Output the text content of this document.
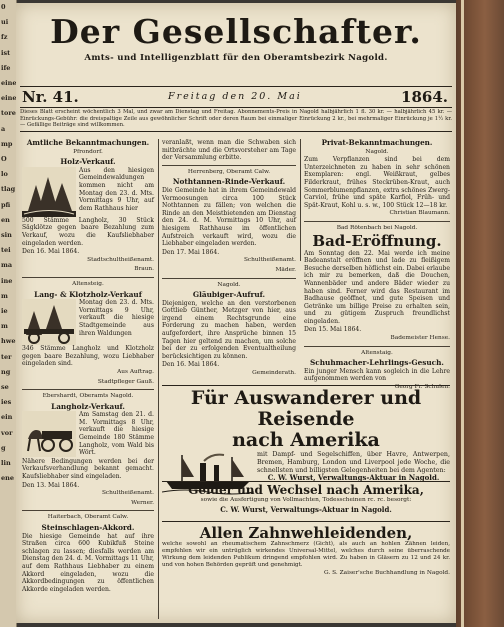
0
ui
fz
ist
ife
eine
eine
tore
a
mp
O
lo
tlag
pfi
en
sin
tei
ma
ine
m
ie
m
hwe
ter
ng
se
ies
ein
vor
g
lin
ene
Der Gesellschafter.
Amts- und Intelligenzblatt für den Oberamtsbezirk Nagold.
Nr. 41.	Freitag den 20. Mai	1864.
Dieses Blatt erscheint wöchentlich 3 Mal, und zwar am Dienstag und Freitag. Abonnements-Preis in Nagold halbjährlich 1 fl. 30 kr. — halbjährlich 45 kr. — Einrückungs-Gebühr: die dreispaltige Zeile aus gewöhnlicher Schrift oder deren Raum bei einmaliger Einrückung 2 kr., bei mehrmaliger Einrückung je 1½ kr. — Gefällige Beiträge sind willkommen.
Amtliche Bekanntmachungen.
Pfrondorf.
Holz-Verkauf.

Aus den hiesigen Gemeindewaldungen kommen nicht am Montag den 23. d. Mts. Vormittags 9 Uhr, auf dem Rathhaus hier

500 Stämme Langholz, 30 Stück Sägklötze gegen baare Bezahlung zum Verkauf, wozu die Kaufsliebhaber eingeladen werden.

Den 16. Mai 1864.

Stadtschultheißenamt.
Braun.
Altensteig.
Lang- & Klotzholz-Verkauf

Montag den 23. d. Mts. Vormittags 9 Uhr, verkauft die hiesige Stadtgemeinde aus ihren Waldungen

346 Stämme Langholz und Klotzholz gegen baare Bezahlung, wozu Liebhaber eingeladen sind.

Aus Auftrag.
Stadtpfleger Gauß.
Ebershardt, Oberamts Nagold.
Langholz-Verkauf.

Am Samstag den 21. d. M. Vormittags 8 Uhr, verkauft die hiesige Gemeinde 180 Stämme Langholz, vom Wald bis Wört.

Nähere Bedingungen werden bei der Verkaufsverhandlung bekannt gemacht. Kaufsliebhaber sind eingeladen.

Den 13. Mai 1864.

Schultheißenamt.
Werner.
Haiterbach, Oberamt Calw.
Steinschlagen-Akkord.

Die hiesige Gemeinde hat auf ihre Straßen circa 600 Kubikfuß Steine schlagen zu lassen; diesfalls werden am Dienstag den 24. d. M. Vormittags 11 Uhr, auf dem Rathhaus Liebhaber zu einem Akkord eingeladen, wozu die Akkordbedingungen zu öffentlichen Akkorde eingeladen werden.

veranlaßt, wenn man die Schwaben sich mitbrächte und die Ortsvorsteher am Tage der Versammlung erbitte.

Herrenberg, Oberamt Calw.
Nothtannen-Rinde-Verkauf.

Die Gemeinde hat in ihrem Gemeindewald Vermoosungen circa 100 Stück Nothtannen zu fällen; von welchen die Rinde an den Meistbietenden am Dienstag den 24. d. M. Vormittags 10 Uhr, auf hiesigem Rathhause im öffentlichen Aufstreich verkauft wird, wozu die Liebhaber eingeladen werden.

Den 17. Mai 1864.

Schultheißenamt.
Mäder.
Nagold.
Gläubiger-Aufruf.

Diejenigen, welche an den verstorbenen Gottlieb Günther, Metzger von hier, aus irgend einem Rechtsgrunde eine Forderung zu machen haben, werden aufgefordert, ihre Ansprüche binnen 15 Tagen hier geltend zu machen, um solche bei der zu erfolgenden Eventualtheilung berücksichtigen zu können.

Den 16. Mai 1864.

Gemeinderath.
Privat-Bekanntmachungen.
Nagold.

Zum Verpflanzen sind bei dem Unterzeichneten zu haben in sehr schönen Exemplaren: engl. Weißkraut, gelbes Filderkraut, frühes Steckrüben-Kraut, auch Sommerblumenpflanzen, extra schönes Zwerg-Carviol, frühe und späte Karfiol, Früh- und Spät-Kraut, Kohl u. s. w., 100 Stück 12—18 kr.

Christian Blaumann.
Bad Rötenbach bei Nagold.
Bad-Eröffnung.

Am Sonntag den 22. Mai werde ich meine Badeanstalt eröffnen und lade zu fleißigem Besuche derselben höflichst ein. Dabei erlaube ich mir zu bemerken, daß die Douchen, Wannenbäder und andere Bäder wieder zu haben sind. Ferner wird das Restaurant im Badhause geöffnet, und gute Speisen und Getränke um billige Preise zu erhalten sein, und zu gütigem Zuspruch freundlichst eingeladen.

Den 15. Mai 1864.

Bademeister Hense.
Altenstaig.
Schuhmacher-Lehrlings-Gesuch.

Ein junger Mensch kann sogleich in die Lehre aufgenommen werden von

Georg Fr. Schulen.
Für Auswanderer und Reisende
nach Amerika
mit Dampf- und Segelschiffen, über Havre, Antwerpen, Bremen, Hamburg, London und Liverpool jede Woche, die schnellsten und billigsten Gelegenheiten bei dem Agenten:
C. W. Wurst, Verwaltungs-Aktuar in Nagold.
Gelder und Wechsel nach Amerika,

sowie die Ausfertigung von Vollmachten, Todesscheinen rc. rc. besorgt:

C. W. Wurst, Verwaltungs-Aktuar in Nagold.
Allen Zahnwehleidenden,

welche sowohl an rheumatischem Zahnschmerz (Gicht), als auch an hohlen Zähnen leiden, empfehlen wir ein untrüglich wirkendes Universal-Mittel, welches durch seine überraschende Wirkung dem leidenden Publikum dringend empfohlen wird. Zu haben in Gläsern zu 12 und 24 kr. und von hohen Behörden geprüft und genehmigt.

G. S. Zaiser'sche Buchhandlung in Nagold.
